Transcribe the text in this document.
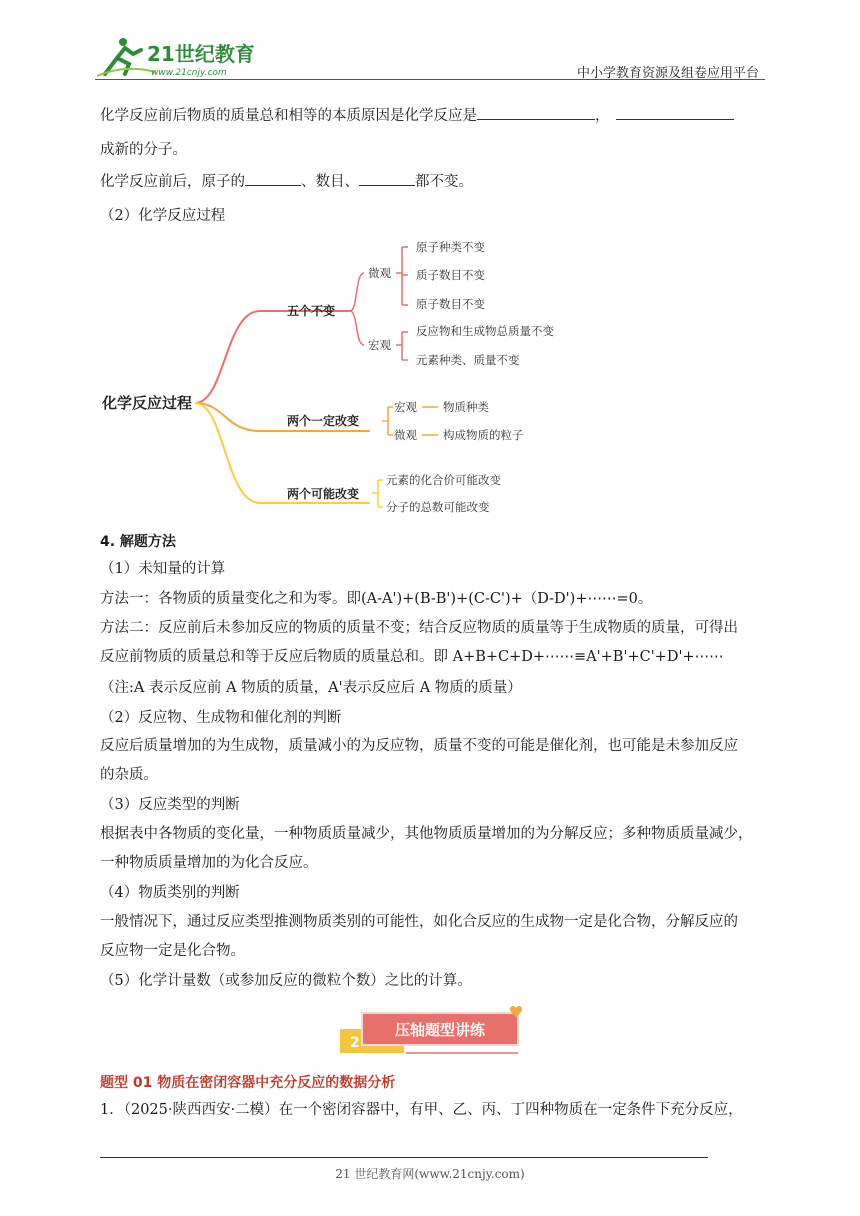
21世纪教育
www.21cnjy.com	中小学教育资源及组卷应用平台
化学反应前后物质的质量总和相等的本质原因是化学反应是	，
成新的分子。
化学反应前后，原子的	、数目、	都不变。
（2）化学反应过程
化学反应过程
五个不变
微观
宏观
原子种类不变
质子数目不变
原子数目不变
反应物和生成物总质量不变
元素种类、质量不变
两个一定改变
宏观 物质种类
微观 构成物质的粒子
两个可能改变
元素的化合价可能改变
分子的总数可能改变
4. 解题方法
（1）未知量的计算
方法一：各物质的质量变化之和为零。即(A-A')+(B-B')+(C-C')+（D-D')+⋯⋯=0。
方法二：反应前后未参加反应的物质的质量不变；结合反应物质的质量等于生成物质的质量，可得出
反应前物质的质量总和等于反应后物质的质量总和。即 A+B+C+D+⋯⋯≡A'+B'+C'+D'+⋯⋯
（注:A 表示反应前 A 物质的质量，A'表示反应后 A 物质的质量）
（2）反应物、生成物和催化剂的判断
反应后质量增加的为生成物，质量减小的为反应物，质量不变的可能是催化剂，也可能是未参加反应
的杂质。
（3）反应类型的判断
根据表中各物质的变化量，一种物质质量减少，其他物质质量增加的为分解反应；多种物质质量减少，
一种物质质量增加的为化合反应。
（4）物质类别的判断
一般情况下，通过反应类型推测物质类别的可能性，如化合反应的生成物一定是化合物，分解反应的
反应物一定是化合物。
（5）化学计量数（或参加反应的微粒个数）之比的计算。
2
压轴题型讲练
题型 01 物质在密闭容器中充分反应的数据分析
1．（2025·陕西西安·二模）在一个密闭容器中，有甲、乙、丙、丁四种物质在一定条件下充分反应，
21 世纪教育网(www.21cnjy.com)
